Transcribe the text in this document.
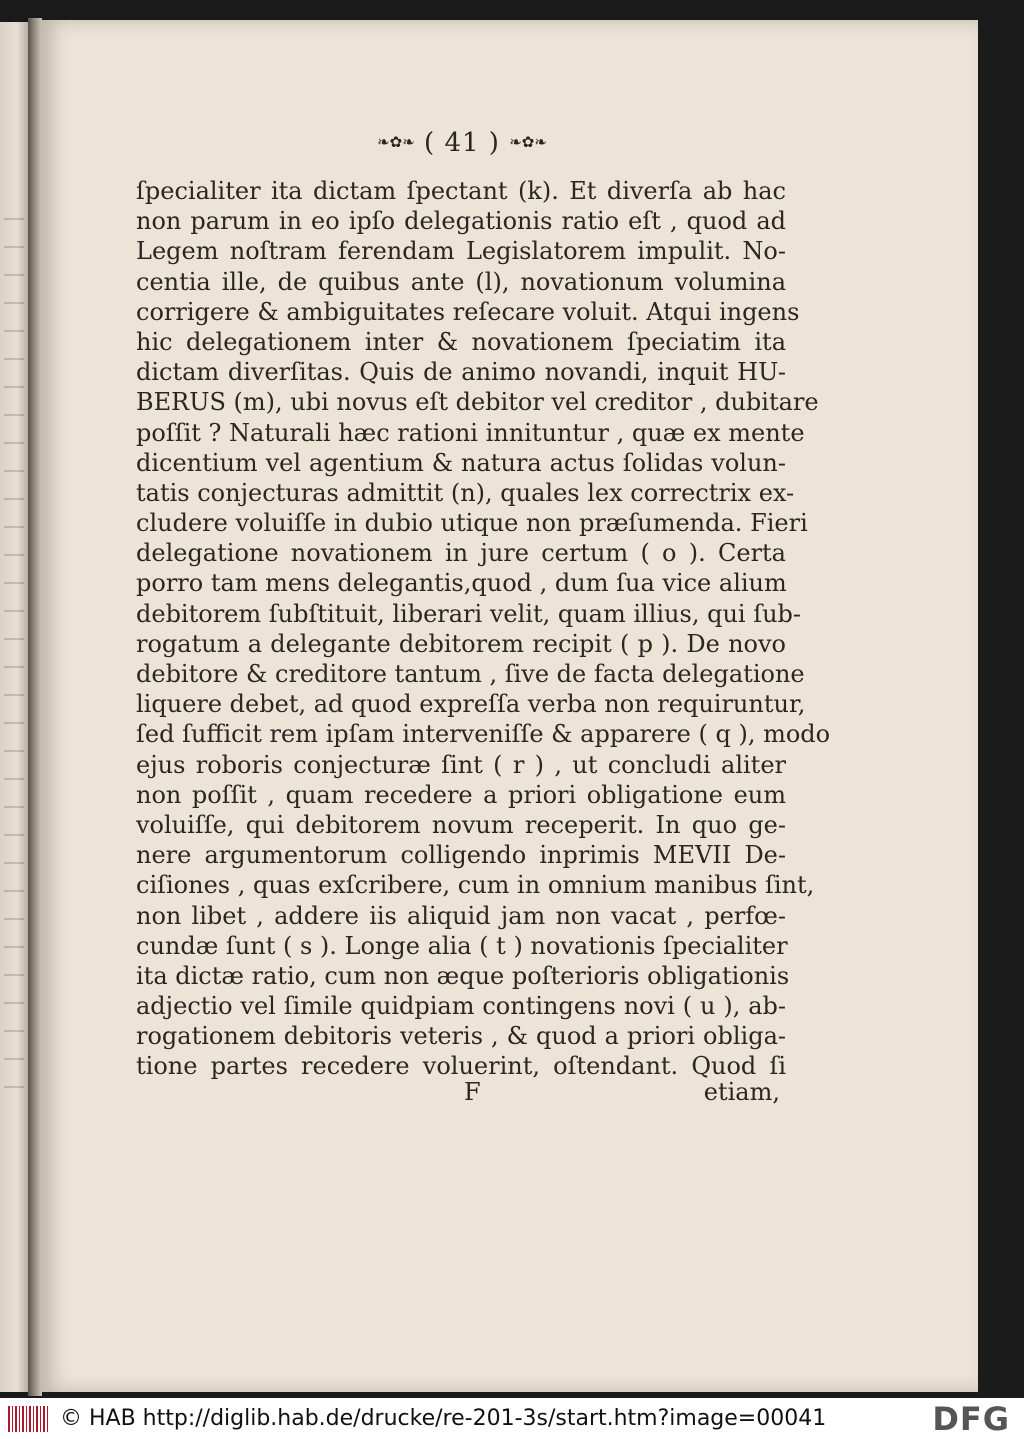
❧✿❧ ( 41 ) ❧✿❧
ſpecialiter ita dictam ſpectant (k). Et diverſa ab hac
non parum in eo ipſo delegationis ratio eſt , quod ad
Legem noſtram ferendam Legislatorem impulit. No-
centia ille, de quibus ante (l), novationum volumina
corrigere & ambiguitates reſecare voluit. Atqui ingens
hic delegationem inter & novationem ſpeciatim ita
dictam diverſitas. Quis de animo novandi, inquit HU-
BERUS (m), ubi novus eſt debitor vel creditor , dubitare
poſſit ? Naturali hæc rationi innituntur , quæ ex mente
dicentium vel agentium & natura actus ſolidas volun-
tatis conjecturas admittit (n), quales lex correctrix ex-
cludere voluiſſe in dubio utique non præſumenda. Fieri
delegatione novationem in jure certum ( o ). Certa
porro tam mens delegantis,quod , dum ſua vice alium
debitorem ſubſtituit, liberari velit, quam illius, qui ſub-
rogatum a delegante debitorem recipit ( p ). De novo
debitore & creditore tantum , ſive de facta delegatione
liquere debet, ad quod expreſſa verba non requiruntur,
ſed ſufficit rem ipſam interveniſſe & apparere ( q ), modo
ejus roboris conjecturæ ſint ( r ) , ut concludi aliter
non poſſit , quam recedere a priori obligatione eum
voluiſſe, qui debitorem novum receperit. In quo ge-
nere argumentorum colligendo inprimis MEVII De-
ciſiones , quas exſcribere, cum in omnium manibus ſint,
non libet , addere iis aliquid jam non vacat , perfœ-
cundæ ſunt ( s ). Longe alia ( t ) novationis ſpecialiter
ita dictæ ratio, cum non æque poſterioris obligationis
adjectio vel ſimile quidpiam contingens novi ( u ), ab-
rogationem debitoris veteris , & quod a priori obliga-
tione partes recedere voluerint, oſtendant. Quod ſi
F	etiam,
© HAB http://diglib.hab.de/drucke/re-201-3s/start.htm?image=00041	DFG
